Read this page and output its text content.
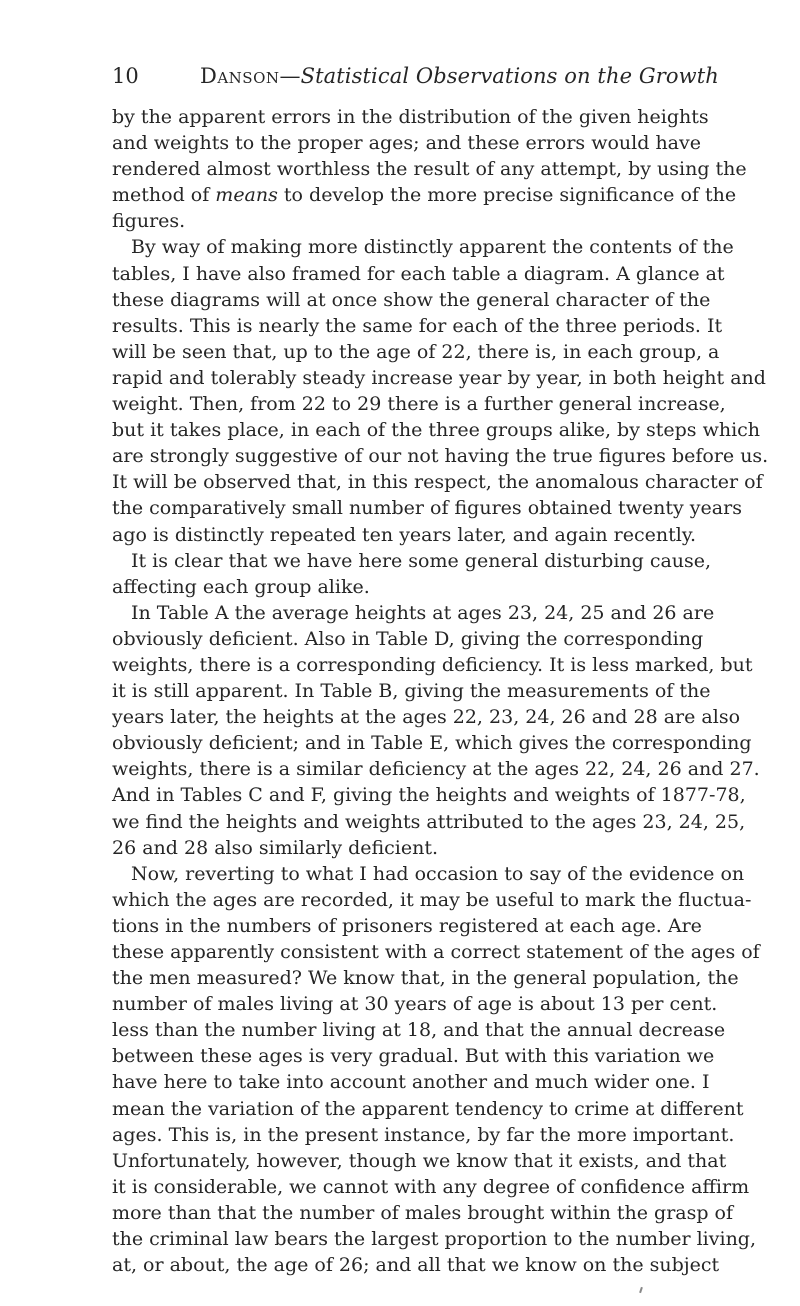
10	Danson—Statistical Observations on the Growth
by the apparent errors in the distribution of the given heights
and weights to the proper ages; and these errors would have
rendered almost worthless the result of any attempt, by using the
method of means to develop the more precise significance of the
figures.
By way of making more distinctly apparent the contents of the
tables, I have also framed for each table a diagram. A glance at
these diagrams will at once show the general character of the
results. This is nearly the same for each of the three periods. It
will be seen that, up to the age of 22, there is, in each group, a
rapid and tolerably steady increase year by year, in both height and
weight. Then, from 22 to 29 there is a further general increase,
but it takes place, in each of the three groups alike, by steps which
are strongly suggestive of our not having the true figures before us.
It will be observed that, in this respect, the anomalous character of
the comparatively small number of figures obtained twenty years
ago is distinctly repeated ten years later, and again recently.
It is clear that we have here some general disturbing cause,
affecting each group alike.
In Table A the average heights at ages 23, 24, 25 and 26 are
obviously deficient. Also in Table D, giving the corresponding
weights, there is a corresponding deficiency. It is less marked, but
it is still apparent. In Table B, giving the measurements of the
years later, the heights at the ages 22, 23, 24, 26 and 28 are also
obviously deficient; and in Table E, which gives the corresponding
weights, there is a similar deficiency at the ages 22, 24, 26 and 27.
And in Tables C and F, giving the heights and weights of 1877-78,
we find the heights and weights attributed to the ages 23, 24, 25,
26 and 28 also similarly deficient.
Now, reverting to what I had occasion to say of the evidence on
which the ages are recorded, it may be useful to mark the fluctua-
tions in the numbers of prisoners registered at each age. Are
these apparently consistent with a correct statement of the ages of
the men measured? We know that, in the general population, the
number of males living at 30 years of age is about 13 per cent.
less than the number living at 18, and that the annual decrease
between these ages is very gradual. But with this variation we
have here to take into account another and much wider one. I
mean the variation of the apparent tendency to crime at different
ages. This is, in the present instance, by far the more important.
Unfortunately, however, though we know that it exists, and that
it is considerable, we cannot with any degree of confidence affirm
more than that the number of males brought within the grasp of
the criminal law bears the largest proportion to the number living,
at, or about, the age of 26; and all that we know on the subject
